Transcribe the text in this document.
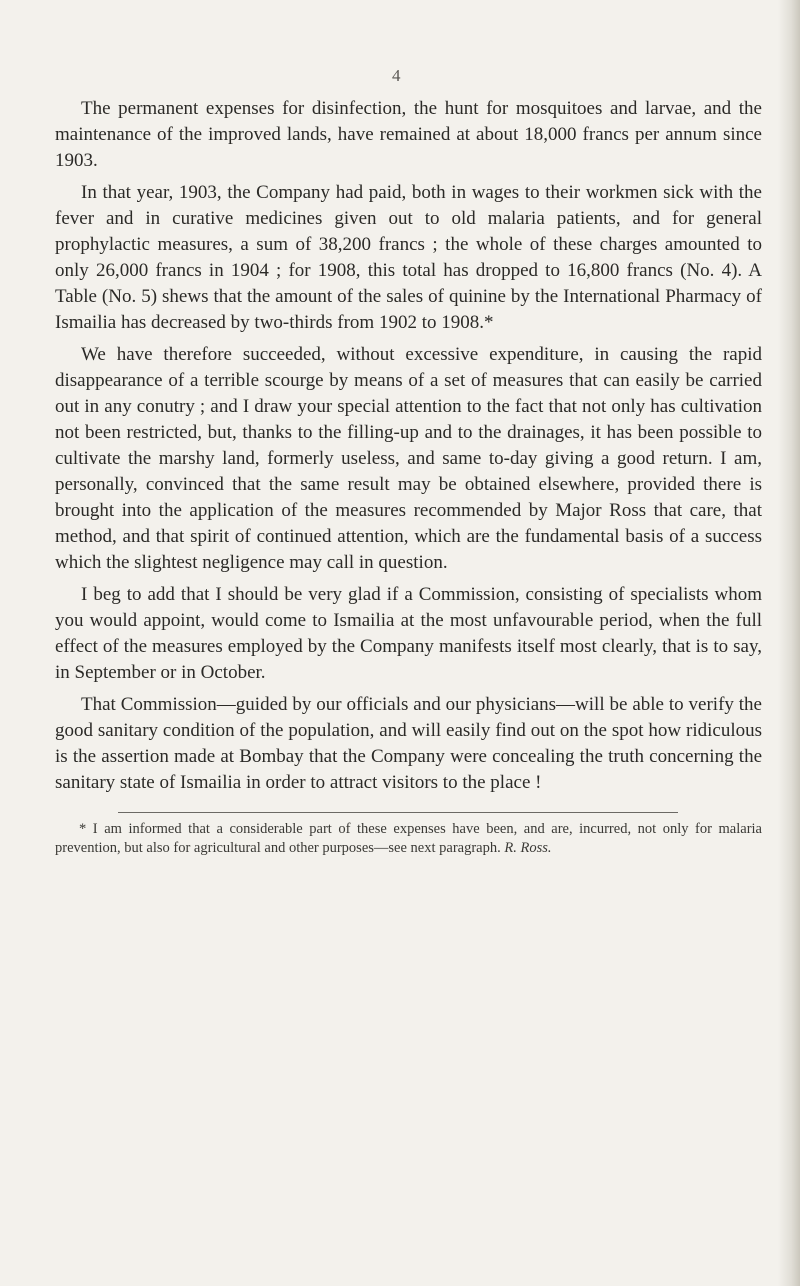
4

The permanent expenses for disinfection, the hunt for mosquitoes and larvae, and the maintenance of the improved lands, have remained at about 18,000 francs per annum since 1903.

In that year, 1903, the Company had paid, both in wages to their workmen sick with the fever and in curative medicines given out to old malaria patients, and for general prophylactic measures, a sum of 38,200 francs ; the whole of these charges amounted to only 26,000 francs in 1904 ; for 1908, this total has dropped to 16,800 francs (No. 4). A Table (No. 5) shews that the amount of the sales of quinine by the International Pharmacy of Ismailia has decreased by two-thirds from 1902 to 1908.*

We have therefore succeeded, without excessive expenditure, in causing the rapid disappearance of a terrible scourge by means of a set of measures that can easily be carried out in any conutry ; and I draw your special attention to the fact that not only has cultivation not been restricted, but, thanks to the filling-up and to the drainages, it has been possible to cultivate the marshy land, formerly useless, and same to-day giving a good return. I am, personally, convinced that the same result may be obtained elsewhere, provided there is brought into the application of the measures recommended by Major Ross that care, that method, and that spirit of continued attention, which are the fundamental basis of a success which the slightest negligence may call in question.

I beg to add that I should be very glad if a Commission, consisting of specialists whom you would appoint, would come to Ismailia at the most unfavourable period, when the full effect of the measures employed by the Company manifests itself most clearly, that is to say, in September or in October.

That Commission—guided by our officials and our physicians—will be able to verify the good sanitary condition of the population, and will easily find out on the spot how ridiculous is the assertion made at Bombay that the Company were concealing the truth concerning the sanitary state of Ismailia in order to attract visitors to the place !

* I am informed that a considerable part of these expenses have been, and are, incurred, not only for malaria prevention, but also for agricultural and other purposes—see next paragraph. R. Ross.
